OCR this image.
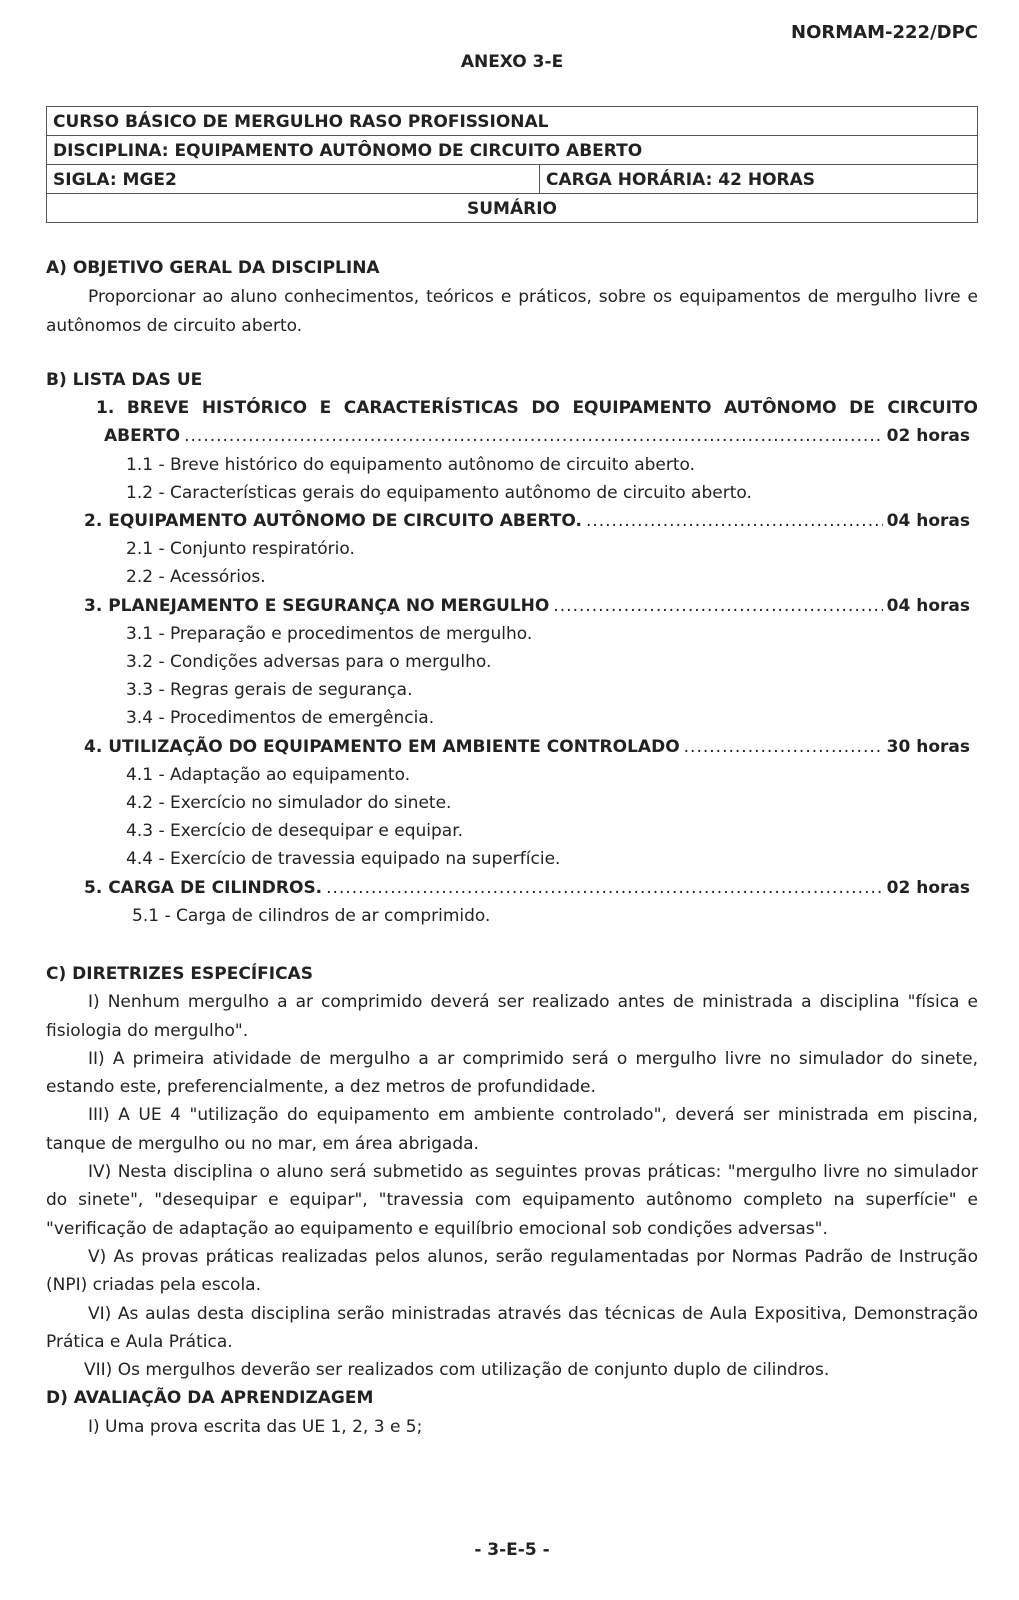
NORMAM-222/DPC
ANEXO 3-E
CURSO BÁSICO DE MERGULHO RASO PROFISSIONAL
DISCIPLINA: EQUIPAMENTO AUTÔNOMO DE CIRCUITO ABERTO
SIGLA: MGE2	CARGA HORÁRIA: 42 HORAS
SUMÁRIO
A) OBJETIVO GERAL DA DISCIPLINA
Proporcionar ao aluno conhecimentos, teóricos e práticos, sobre os equipamentos de mergulho livre e autônomos de circuito aberto.
B) LISTA DAS UE
1. BREVE HISTÓRICO E CARACTERÍSTICAS DO EQUIPAMENTO AUTÔNOMO DE CIRCUITO
ABERTO .....	02 horas
1.1 - Breve histórico do equipamento autônomo de circuito aberto.
1.2 - Características gerais do equipamento autônomo de circuito aberto.
2. EQUIPAMENTO AUTÔNOMO DE CIRCUITO ABERTO. .....	04 horas
2.1 - Conjunto respiratório.
2.2 - Acessórios.
3. PLANEJAMENTO E SEGURANÇA NO MERGULHO .....	04 horas
3.1 - Preparação e procedimentos de mergulho.
3.2 - Condições adversas para o mergulho.
3.3 - Regras gerais de segurança.
3.4 - Procedimentos de emergência.
4. UTILIZAÇÃO DO EQUIPAMENTO EM AMBIENTE CONTROLADO .....	30 horas
4.1 - Adaptação ao equipamento.
4.2 - Exercício no simulador do sinete.
4.3 - Exercício de desequipar e equipar.
4.4 - Exercício de travessia equipado na superfície.
5. CARGA DE CILINDROS. .....	02 horas
5.1 - Carga de cilindros de ar comprimido.
C) DIRETRIZES ESPECÍFICAS
I) Nenhum mergulho a ar comprimido deverá ser realizado antes de ministrada a disciplina "física e fisiologia do mergulho".
II) A primeira atividade de mergulho a ar comprimido será o mergulho livre no simulador do sinete, estando este, preferencialmente, a dez metros de profundidade.
III) A UE 4 "utilização do equipamento em ambiente controlado", deverá ser ministrada em piscina, tanque de mergulho ou no mar, em área abrigada.
IV) Nesta disciplina o aluno será submetido as seguintes provas práticas: "mergulho livre no simulador do sinete", "desequipar e equipar", "travessia com equipamento autônomo completo na superfície" e "verificação de adaptação ao equipamento e equilíbrio emocional sob condições adversas".
V) As provas práticas realizadas pelos alunos, serão regulamentadas por Normas Padrão de Instrução (NPI) criadas pela escola.
VI) As aulas desta disciplina serão ministradas através das técnicas de Aula Expositiva, Demonstração Prática e Aula Prática.
VII) Os mergulhos deverão ser realizados com utilização de conjunto duplo de cilindros.
D) AVALIAÇÃO DA APRENDIZAGEM
I) Uma prova escrita das UE 1, 2, 3 e 5;
- 3-E-5 -
